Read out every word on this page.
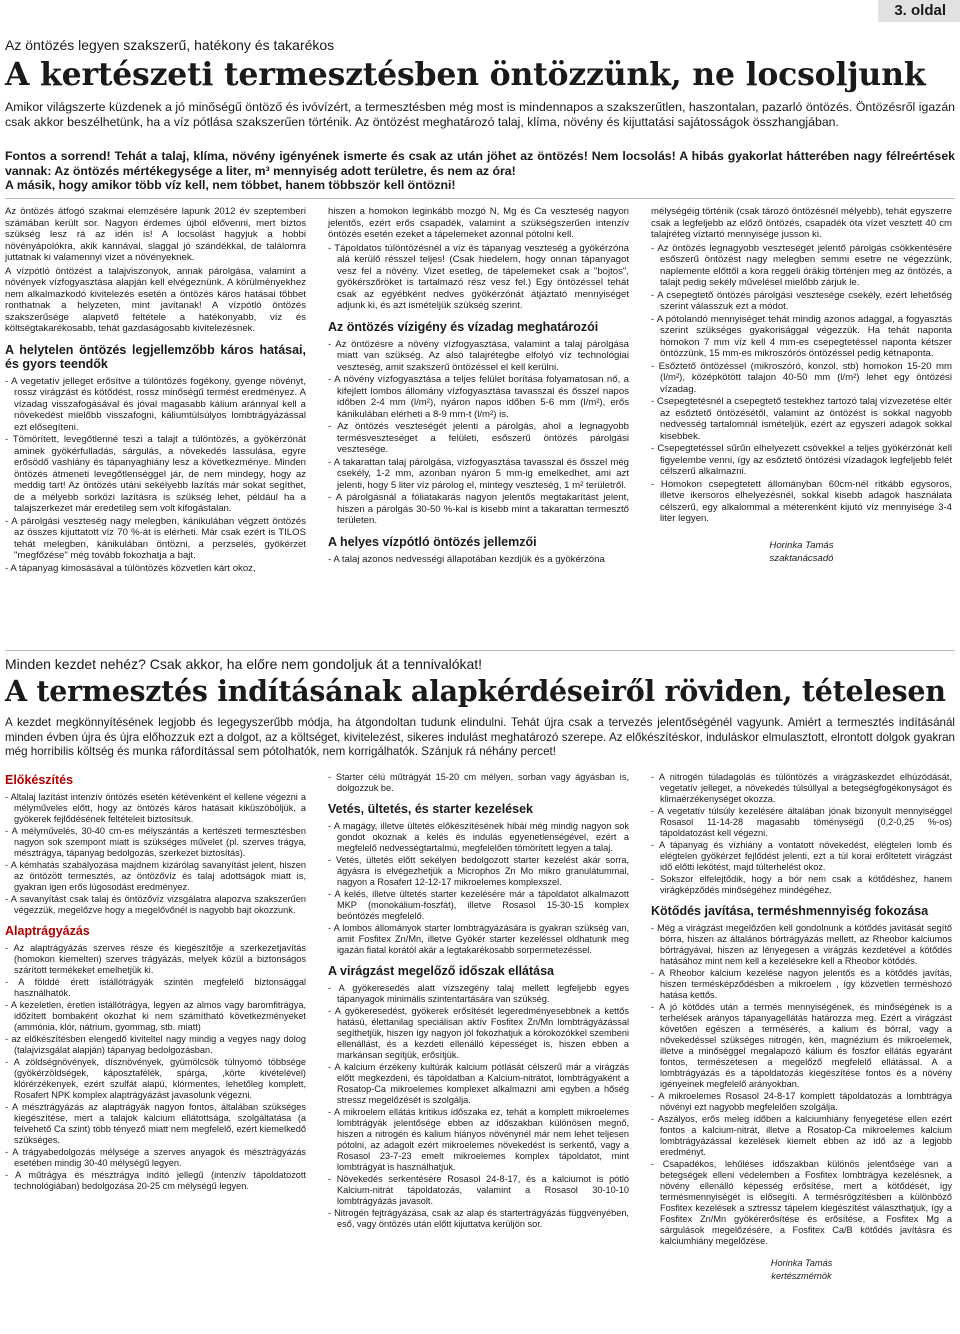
3. oldal
Az öntözés legyen szakszerű, hatékony és takarékos
A kertészeti termesztésben öntözzünk, ne locsoljunk
Amikor világszerte küzdenek a jó minőségű öntöző és ivóvízért, a termesztésben még most is mindennapos a szakszerűtlen, haszontalan, pazarló öntözés. Öntözésről igazán csak akkor beszélhetünk, ha a víz pótlása szakszerűen történik. Az öntözést meghatározó talaj, klíma, növény és kijuttatási sajátosságok összhangjában.
Fontos a sorrend! Tehát a talaj, klíma, növény igényének ismerte és csak az után jöhet az öntözés! Nem locsolás! A hibás gyakorlat hátterében nagy félreértések vannak: Az öntözés mértékegysége a liter, m³ mennyiség adott területre, és nem az óra!
A másik, hogy amikor több víz kell, nem többet, hanem többször kell öntözni!

Az öntözés átfogó szakmai elemzésére lapunk 2012 év szeptemberi számában került sor. Nagyon érdemes újból elővenni, mert biztos szükség lesz rá az idén is! A locsolást hagyjuk a hobbi növényápolókra, akik kannával, slaggal jó szándékkal, de találomra juttatnak ki valamennyi vizet a növényeknek.

A vízpótló öntözést a talajviszonyok, annak párolgása, valamint a növények vízfogyasztása alapján kell elvégeznünk. A körülményekhez nem alkalmazkodó kivitelezés esetén a öntözés káros hatásai többet ronthatnak a helyzeten, mint javítanak! A vízpótló öntözés szakszerűsége alapvető feltétele a hatékonyabb, víz és költségtakarékosabb, tehát gazdaságosabb kivitelezésnek.

A helytelen öntözés legjellemzőbb káros hatásai, és gyors teendők

- A vegetatív jelleget erősítve a túlöntözés fogékony, gyenge növényt, rossz virágzást és kötődést, rossz minőségű termést eredményez. A vízadag visszafogásával és jóval magasabb kálium aránnyal kell a növekedést mielőbb visszafogni, káliumtúlsúlyos lombtrágyázással ezt elősegíteni.

- Tömörített, levegőtlenné teszi a talajt a túlöntözés, a gyökérzónát aminek gyökérfulladás, sárgulás, a növekedés lassulása, egyre erősödő vashiány és tápanyaghiány lesz a következménye. Minden öntözés átmeneti levegőtlenséggel jár, de nem mindegy, hogy az meddig tart! Az öntözés utáni sekélyebb lazítás már sokat segíthet, de a mélyebb sorközi lazításra is szükség lehet, például ha a talajszerkezet már eredetileg sem volt kifogástalan.

- A párolgási veszteség nagy melegben, kánikulában végzett öntözés az összes kijuttatott víz 70 %-át is elérheti. Már csak ezért is TILOS tehát melegben, kánikulában öntözni, a perzselés, gyökérzet "megfőzése" még tovább fokozhatja a bajt.

- A tápanyag kimosásával a túlöntözés közvetlen kárt okoz,

hiszen a homokon leginkább mozgó N, Mg és Ca veszteség nagyon jelentős, ezért erős csapadék, valamint a szükségszerűen intenzív öntözés esetén ezeket a tápelemeket azonnal pótolni kell.

- Tápoldatos túlöntözésnél a víz és tápanyag veszteség a gyökérzóna alá kerülő résszel teljes! (Csak hiedelem, hogy onnan tápanyagot vesz fel a növény. Vizet esetleg, de tápelemeket csak a "bojtos", gyökérszőröket is tartalmazó rész vesz fel.) Egy öntözéssel tehát csak az egyébként nedves gyökérzónát átjáztató mennyiséget adjunk ki, és azt ismételjük szükség szerint.

Az öntözés vízigény és vízadag meghatározói

- Az öntözésre a növény vízfogyasztása, valamint a talaj párolgása miatt van szükség. Az alsó talajrétegbe elfolyó víz technológiai veszteség, amit szakszerű öntözéssel el kell kerülni.

- A növény vízfogyasztása a teljes felület borítása folyamatosan nő, a kifejlett lombos állomány vízfogyasztása tavasszal és ősszel napos időben 2-4 mm (l/m²), nyáron napos időben 5-6 mm (l/m²), erős kánikulában elérheti a 8-9 mm-t (l/m²) is.

- Az öntözés veszteségét jelenti a párolgás, ahol a legnagyobb termésveszteséget a felületi, esőszerű öntözés párolgási vesztesége.

- A takarattan talaj párolgása, vízfogyasztása tavasszal és ősszel még csekély, 1-2 mm, azonban nyáron 5 mm-ig emelkedhet, ami azt jelenti, hogy 5 liter víz párolog el, mintegy veszteség, 1 m² területről.

- A párolgásnál a fóliatakarás nagyon jelentős megtakarítást jelent, hiszen a párolgás 30-50 %-kal is kisebb mint a takarattan termesztő területen.

A helyes vízpótló öntözés jellemzői

- A talaj azonos nedvességi állapotában kezdjük és a gyökérzóna

mélységéig történik (csak tározó öntözésnél mélyebb), tehát egyszerre csak a legfeljebb az előző öntözés, csapadék óta vízet vesztett 40 cm talajréteg víztartó mennyisége jusson ki.

- Az öntözés legnagyobb veszteségét jelentő párolgás csökkentésére esőszerű öntözést nagy melegben semmi esetre ne végezzünk, naplemente előttől a kora reggeli órákig történjen meg az öntözés, a talajt pedig sekély művelésel mielőbb zárjuk le.

- A csepegtető öntözés párolgási vesztesége csekély, ezért lehetőség szerint válasszuk ezt a módot.

- A pótolandó mennyiséget tehát mindig azonos adaggal, a fogyasztás szerint szükséges gyakorisággal végezzük. Ha tehát naponta homokon 7 mm víz kell 4 mm-es csepegtetéssel naponta kétszer öntözzünk, 15 mm-es mikroszórós öntözéssel pedig kétnaponta.

- Esőztető öntözéssel (mikroszóró, konzol, stb) homokon 15-20 mm (l/m²), középkötött talajon 40-50 mm (l/m²) lehet egy öntözési vízadag.

- Csepegtetésnél a csepegtető testekhez tartozó talaj vízvezetése eltér az esőztető öntözésétől, valamint az öntözést is sokkal nagyobb nedvesség tartalomnál ismételjük, ezért az egyszeri adagok sokkal kisebbek.

- Csepegtetéssel sűrűn elhelyezett csövekkel a teljes gyökérzónát kell figyelembe venni, így az esőztető öntözési vízadagok legfeljebb felét célszerű alkalmazni.

- Homokon csepegtetett állományban 60cm-nél ritkább egysoros, illetve ikersoros elhelyezésnél, sokkal kisebb adagok használata célszerű, egy alkalommal a méterenként kijutó víz mennyisége 3-4 liter legyen.

Horinka Tamás
szaktanácsadó
Minden kezdet nehéz? Csak akkor, ha előre nem gondoljuk át a tennivalókat!
A termesztés indításának alapkérdéseiről röviden, tételesen
A kezdet megkönnyítésének legjobb és legegyszerűbb módja, ha átgondoltan tudunk elindulni. Tehát újra csak a tervezés jelentőségénél vagyunk. Amiért a termesztés indításánál minden évben újra és újra előhozzuk ezt a dolgot, az a költséget, kivitelezést, sikeres indulást meghatározó szerepe. Az előkészítéskor, induláskor elmulasztott, elrontott dolgok gyakran még horribilis költség és munka ráfordítással sem pótolhatók, nem korrigálhatók. Szánjuk rá néhány percet!
Előkészítés

- Altalaj lazítást intenzív öntözés esetén kétévenként el kellene végezni a mélyműveles előtt, hogy az öntözés káros hatásait kiküszöböljük, a gyökerek fejlődésének feltételeit biztosítsuk.

- A mélyművelés, 30-40 cm-es mélyszántás a kertészeti termesztésben nagyon sok szempont miatt is szükséges művelet (pl. szerves trágya, mésztrágya, tápanyag bedolgozás, szerkezet biztosítás).

- A kémhatás szabályozása majdnem kizárólag savanyítást jelent, hiszen az öntözött termesztés, az öntözővíz és talaj adottságok miatt is, gyakran igen erős lúgosodást eredményez.

- A savanyítást csak talaj és öntözővíz vizsgálatra alapozva szakszerűen végezzük, megelőzve hogy a megelővőnél is nagyobb bajt okozzunk.

Alaptrágyázás

- Az alaptrágyázás szerves része és kiegészítője a szerkezetjavítás (homokon kiemelten) szerves trágyázás, melyek közül a biztonságos szárított termékeket emelhetjük ki.

- A földdé érett istállótrágyák szintén megfelelő biztonsággal használhatók.

- A kezeletlen, éretlen istállótrágya, legyen az almos vagy baromfitrágya, időzített bombaként okozhat ki nem számítható következményeket (ammónia, klór, nátrium, gyommag, stb. miatt)

- az előkészítésben elengedő kiviteltel nagy mindig a vegyes nagy dolog (talajvizsgálat alapján) tápanyag bedolgozásban.

- A zöldségnövények, dísznövények, gyümölcsök túlnyomó többsége (gyökérzöldségek, káposztafélék, spárga, ,körte kivételével) klórérzékenyek, ezért szulfát alapú, klórmentes, lehetőleg komplett, Rosafert NPK komplex alaptrágyázást javasolunk végezni.

- A mésztrágyázás az alaptrágyák nagyon fontos, általában szükséges kiegészítése, mert a talajok kalcium ellátottsága, szolgáltatása (a felvehető Ca szint) több tényező miatt nem megfelelő, ezért kiemelkedő szükséges.

- A trágyabedolgozás mélysége a szerves anyagok és mésztrágyázás esetében mindig 30-40 mélységű legyen.

- A műtrágya és mésztrágya indító jellegű (intenzív tápoldatozott technológiában) bedolgozása 20-25 cm mélységű legyen.

- Starter célú műtrágyát 15-20 cm mélyen, sorban vagy ágyásban is, dolgozzuk be.

Vetés, ültetés, és starter kezelések

- A magágy, illetve ültetés előkészítésének hibái még mindig nagyon sok gondot okoznak a kelés és indulás egyenetlenségével, ezért a megfelelő nedvességtartalmú, megfelelően tömörített legyen a talaj.

- Vetés, ültetés előtt sekélyen bedolgozott starter kezelést akár sorra, ágyásra is elvégezhetjük a Microphos Zn Mo mikro granulátummal, nagyon a Rosafert 12-12-17 mikroelemes komplexszel.

- A kelés, illetve ültetés starter kezelésére már a tápoldatot alkalmazott MKP (monokálium-foszfát), illetve Rosasol 15-30-15 komplex beöntözés megfelelő.

- A lombos állományok starter lombtrágyázására is gyakran szükség van, amit Fosfitex Zn/Mn, illetve Gyökér starter kezeléssel oldhatunk meg igazán fiatal korától akár a legtakarékosabb sorpermetezéssel.

A virágzást megelőző időszak ellátása

- A gyökeresedés alatt vízszegény talaj mellett legfeljebb egyes tápanyagok minimális szintentartására van szükség.

- A gyökeresedést, gyökerek erősítését legeredményesebbnek a kettős hatású, élettanilag speciálisan aktív Fosfitex Zn/Mn lombtrágyázással segíthetjük, hiszen így nagyon jól fokozhatjuk a kórokozókkel szembeni ellenállást, és a kezdeti ellenálló képességet is, hiszen ebben a markánsan segítjük, erősítjük.

- A kalcium érzékeny kultúrák kalcium pótlását célszerű már a virágzás előtt megkezdeni, és tápoldatban a Kalcium-nitrátot, lombtrágyaként a Rosatop-Ca mikroelemes komplexet alkalmazni ami egyben a hőség stressz megelőzését is szolgálja.

- A mikroelem ellátás kritikus időszaka ez, tehát a komplett mikroelemes lombtrágyák jelentősége ebben az időszakban különösen megnő, hiszen a nitrogén és kalium hiányos növénynél már nem lehet teljesen pótolni, az adagolt ezért mikroelemes növekedést is serkentő, vagy a Rosasol 23-7-23 emelt mikroelemes komplex tápoldatot, mint lombtrágyát is használhatjuk.

- Növekedés serkentésére Rosasol 24-8-17, és a kalciumot is pótló Kalcium-nitrát tápoldatozás, valamint a Rosasol 30-10-10 lombtrágyázás javasolt.

- Nitrogén fejtrágyázása, csak az alap és startertrágyázás függvényében, eső, vagy öntözés után előtt kijuttatva kerüljön sor.

- A nitrogén túladagolás és túlöntözés a virágzáskezdet elhúzódását, vegetatív jelleget, a növekedés túlsúllyal a betegségfogékonyságot és klimaérzékenységet okozza.

- A vegetatív túlsúly kezelésére általában jónak bizonyult mennyiséggel Rosasol 11-14-28 magasabb töménységű (0,2-0,25 %-os) tápoldatozást kell végezni.

- A tápanyag és vízhiány a vontatott növekedést, elégtelen lomb és elégtelen gyökérzet fejlődést jelenti, ezt a túl korai erőltetett virágzást idő előtti lekötést, majd túlterhelést okoz.

- Sokszor elfelejtődik, hogy a bór nem csak a kötődéshez, hanem virágképződés minőségéhez mindégéhez.

Kötődés javítása, terméshmennyiség fokozása

- Még a virágzást megelőzően kell gondolnunk a kötődés javítását segítő bórra, hiszen az általános bórtrágyázás mellett, az Rheobor kalciumos bórtrágyával, hiszen az lényegesen a virágzás kezdetével a kötődés hatásához mint nem kell a kezelésekre kell a Rheobor kötődés.

- A Rheobor kalcium kezelése nagyon jelentős és a kötődés javítás, hiszen termésképződésben a mikroelem , így közvetlen terméshozó hatása kettős.

- A jó kötődés után a termés mennyiségének, és minőségének is a terhelések arányos tápanyagellátás határozza meg. Ezért a virágzást követően egészen a termésérés, a kalium és bórral, vagy a növekedéssel szükséges nitrogén, kén, magnézium és mikroelemek, illetve a minőséggel megalapozó kálium és foszfor ellátás egyaránt fontos, természetesen a megelőző megfelelő ellátással. A a lombtrágyázás és a tápoldatozás kiegészítése fontos és a növény igényeinek megfelelő arányokban.

- A mikroelemes Rosasol 24-8-17 komplett tápoldatozás a lombtrágya növényi ezt nagyobb megfelelően szolgálja.

- Aszályos, erős meleg időben a kalciumhiány fenyegetése ellen ezért fontos a kalcium-nitrát, illetve a Rosatop-Ca mikroelemes kalcium lombtrágyázással kezelések kiemelt ebben az idő az a legjobb eredményt.

- Csapadékos, lehűléses időszakban különös jelentősége van a betegségek elleni védelemben a Fosfitex lombtrágya kezelésnek, a növény ellenálló képesség erősítése, mert a kötődését, így termésmennyiségét is elősegíti. A termésrögzítésben a különböző Fosfitex kezelések a sztressz tápelem kiegészítést választhatjuk, így a Fosfitex Zn/Mn gyökérerősítése és erősítése, a Fosfitex Mg a sárgulások megelőzésére, a Fosfitex Ca/B kötődés javításra és kalciumhiány megelőzése.

Horinka Tamás
kertészmérnök
